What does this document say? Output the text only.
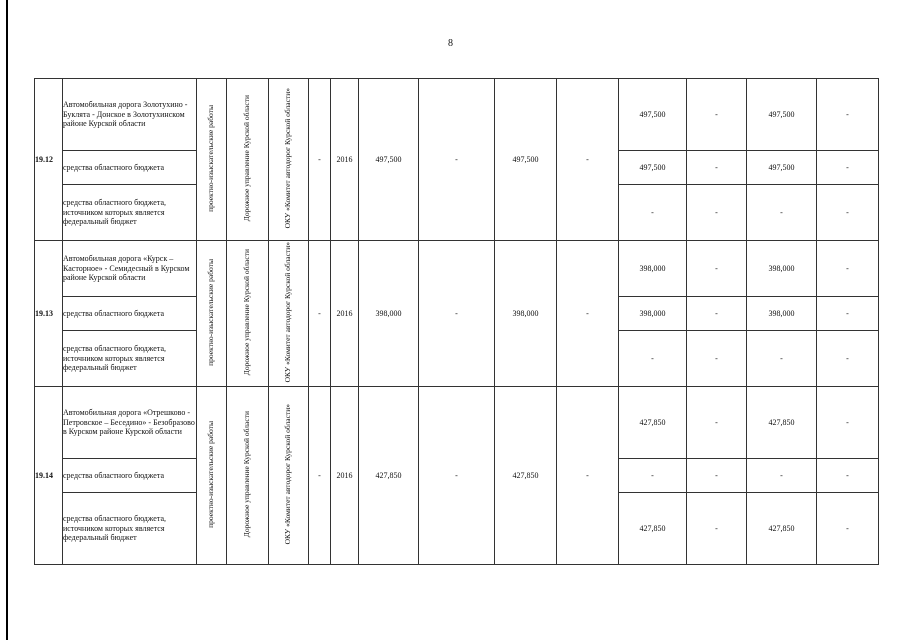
8
19.12	Автомобильная дорога Золотухино - Буклята - Донское в Золотухинском районе Курской области	проектно-изыскательские работы	Дорожное управление Курской области	ОКУ «Комитет автодорог Курской области»	-	2016	497,500	-	497,500	-	497,500	-	497,500	-
	средства областного бюджета										497,500	-	497,500	-
	средства областного бюджета, источником которых является федеральный бюджет										-	-	-	-
19.13	Автомобильная дорога «Курск – Касторное» - Семидесный в Курском районе Курской области	проектно-изыскательские работы	Дорожное управление Курской области	ОКУ «Комитет автодорог Курской области»	-	2016	398,000	-	398,000	-	398,000	-	398,000	-
	средства областного бюджета										398,000	-	398,000	-
	средства областного бюджета, источником которых является федеральный бюджет										-	-	-	-
19.14	Автомобильная дорога «Отрешково - Петровское – Беседино» - Безобразово в Курском районе Курской области	проектно-изыскательские работы	Дорожное управление Курской области	ОКУ «Комитет автодорог Курской области»	-	2016	427,850	-	427,850	-	427,850	-	427,850	-
	средства областного бюджета										-	-	-	-
	средства областного бюджета, источником которых является федеральный бюджет										427,850	-	427,850	-
